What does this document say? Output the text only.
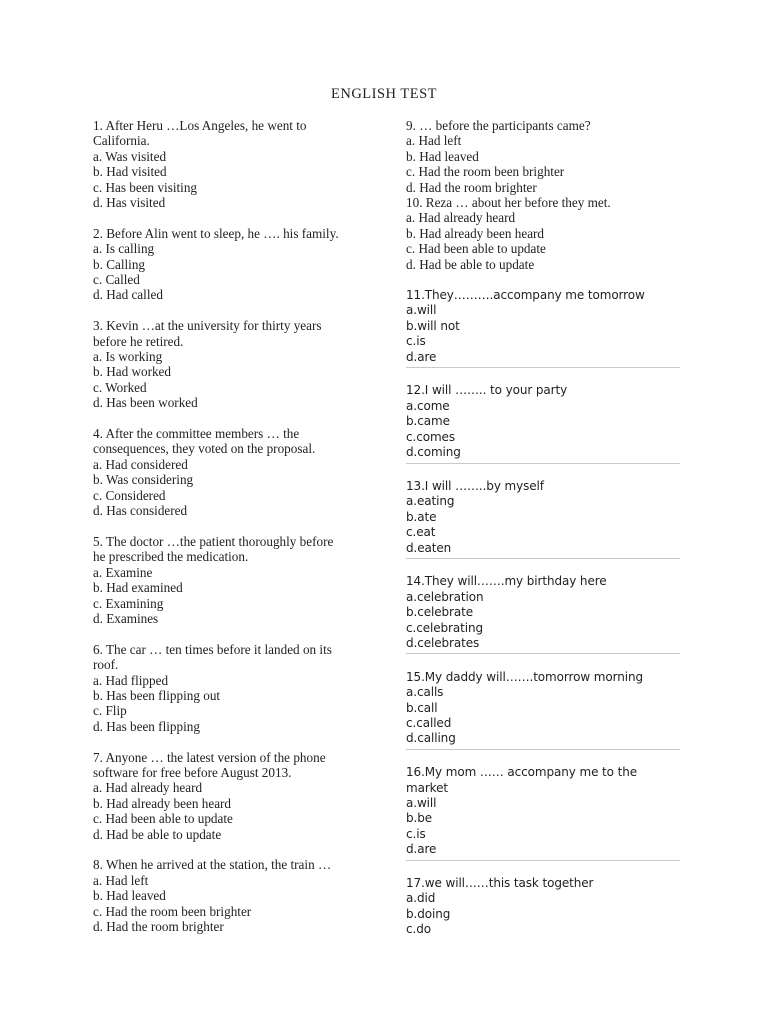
ENGLISH TEST
1. After Heru …Los Angeles, he went to
California.
a. Was visited
b. Had visited
c. Has been visiting
d. Has visited
2. Before Alin went to sleep, he …. his family.
a. Is calling
b. Calling
c. Called
d. Had called
3. Kevin …at the university for thirty years
before he retired.
a. Is working
b. Had worked
c. Worked
d. Has been worked
4. After the committee members … the
consequences, they voted on the proposal.
a. Had considered
b. Was considering
c. Considered
d. Has considered
5. The doctor …the patient thoroughly before
he prescribed the medication.
a. Examine
b. Had examined
c. Examining
d. Examines
6. The car … ten times before it landed on its
roof.
a. Had flipped
b. Has been flipping out
c. Flip
d. Has been flipping
7. Anyone … the latest version of the phone
software for free before August 2013.
a. Had already heard
b. Had already been heard
c. Had been able to update
d. Had be able to update
8. When he arrived at the station, the train …
a. Had left
b. Had leaved
c. Had the room been brighter
d. Had the room brighter
9. … before the participants came?
a. Had left
b. Had leaved
c. Had the room been brighter
d. Had the room brighter
10. Reza … about her before they met.
a. Had already heard
b. Had already been heard
c. Had been able to update
d. Had be able to update
11.They……….accompany me tomorrow
a.will
b.will not
c.is
d.are
12.I will …….. to your party
a.come
b.came
c.comes
d.coming
13.I will ……..by myself
a.eating
b.ate
c.eat
d.eaten
14.They will…….my birthday here
a.celebration
b.celebrate
c.celebrating
d.celebrates
15.My daddy will…….tomorrow morning
a.calls
b.call
c.called
d.calling
16.My mom …… accompany me to the
market
a.will
b.be
c.is
d.are
17.we will……this task together
a.did
b.doing
c.do
